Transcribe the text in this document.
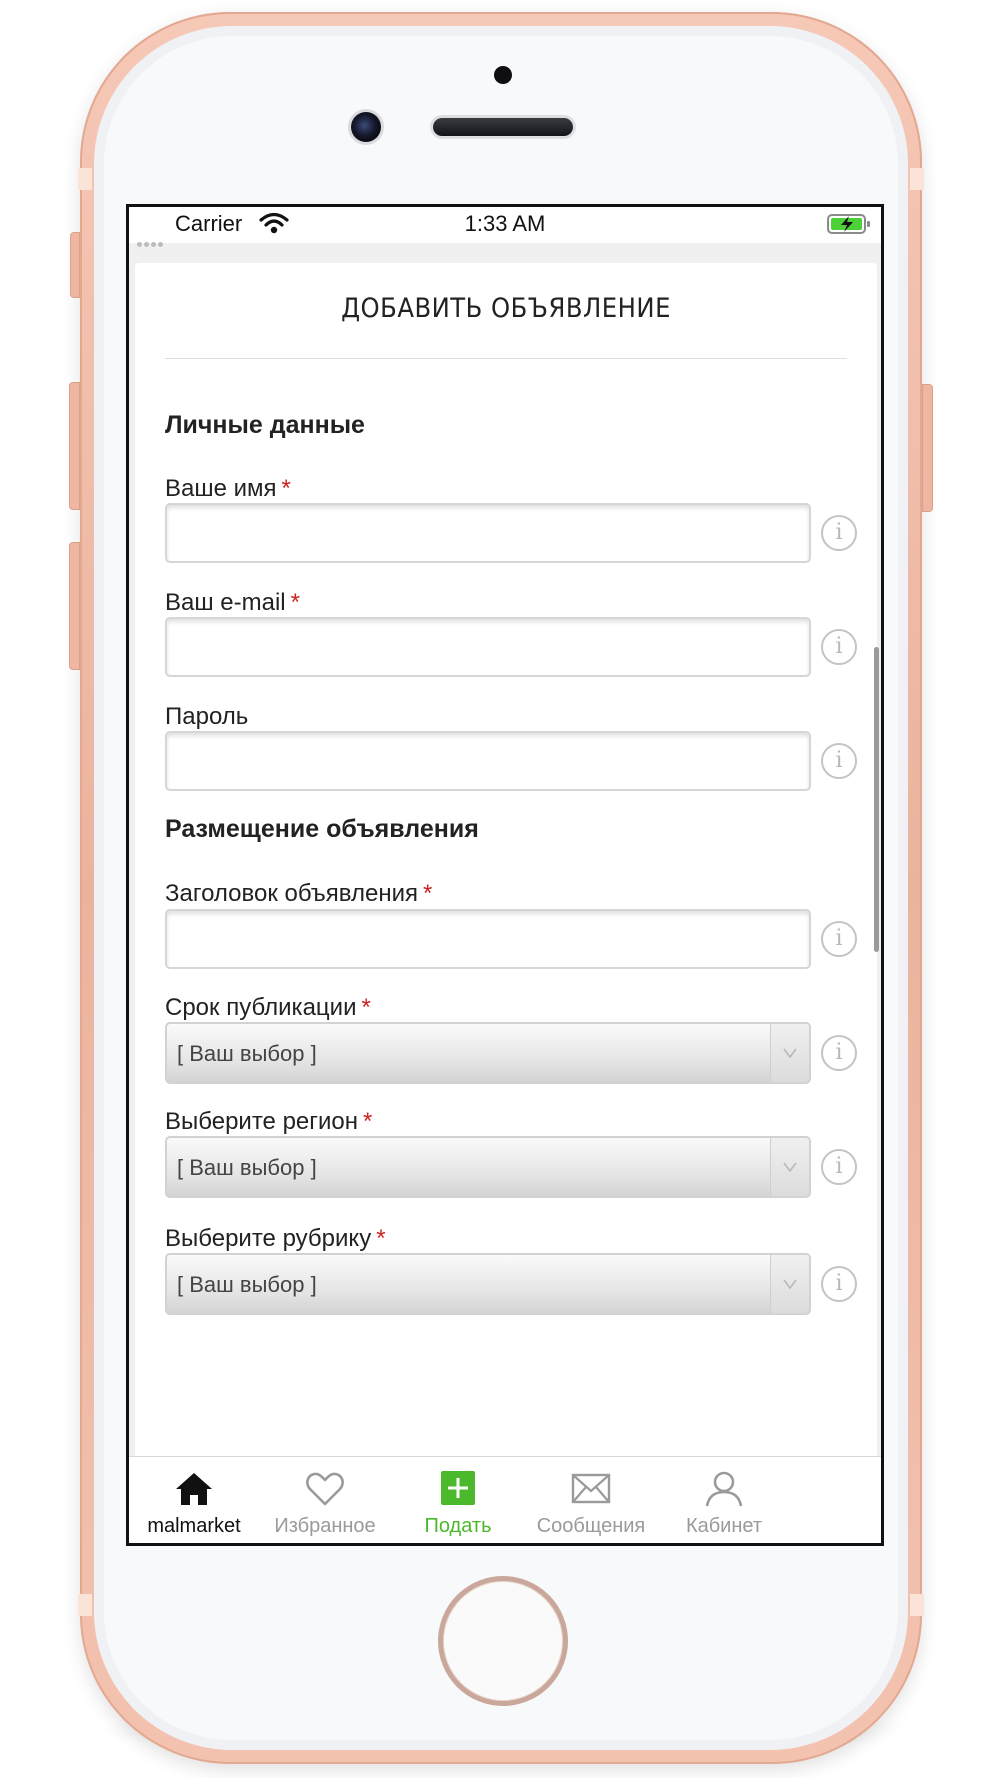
Carrier	1:33 AM
ДОБАВИТЬ ОБЪЯВЛЕНИЕ
Личные данные
Ваше имя *
i
Ваш e-mail *
i
Пароль
i
Размещение объявления
Заголовок объявления *
i
Срок публикации *
[ Ваш выбор ]	i
Выберите регион *
[ Ваш выбор ]	i
Выберите рубрику *
[ Ваш выбор ]	i
malmarket	Избранное	Подать	Сообщения	Кабинет
